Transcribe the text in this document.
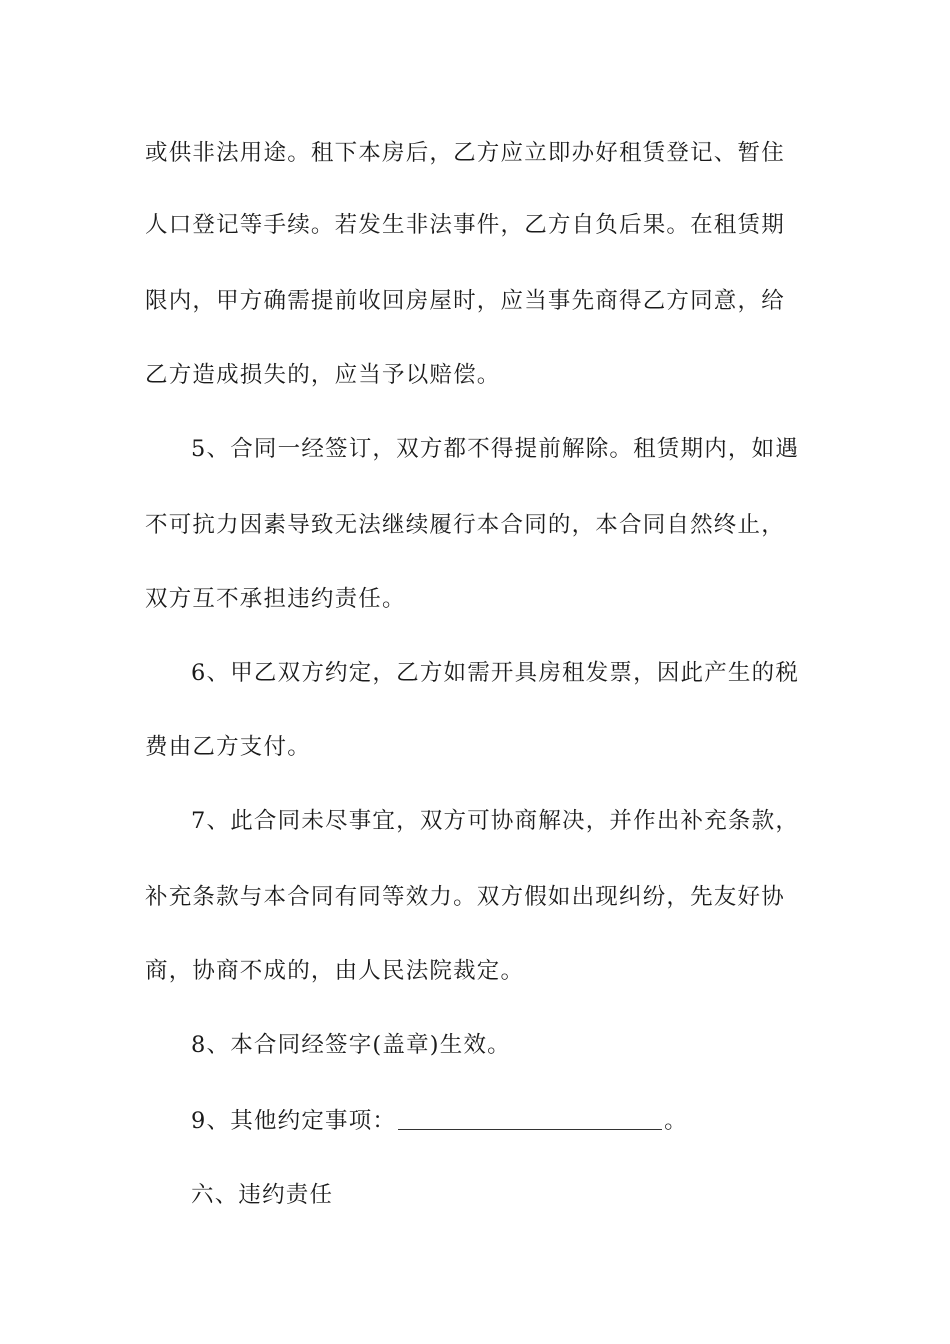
或供非法用途。租下本房后，乙方应立即办好租赁登记、暂住
人口登记等手续。若发生非法事件，乙方自负后果。在租赁期
限内，甲方确需提前收回房屋时，应当事先商得乙方同意，给
乙方造成损失的，应当予以赔偿。
5、合同一经签订，双方都不得提前解除。租赁期内，如遇
不可抗力因素导致无法继续履行本合同的，本合同自然终止，
双方互不承担违约责任。
6、甲乙双方约定，乙方如需开具房租发票，因此产生的税
费由乙方支付。
7、此合同未尽事宜，双方可协商解决，并作出补充条款，
补充条款与本合同有同等效力。双方假如出现纠纷，先友好协
商，协商不成的，由人民法院裁定。
8、本合同经签字(盖章)生效。
9、其他约定事项：	。
六、违约责任
